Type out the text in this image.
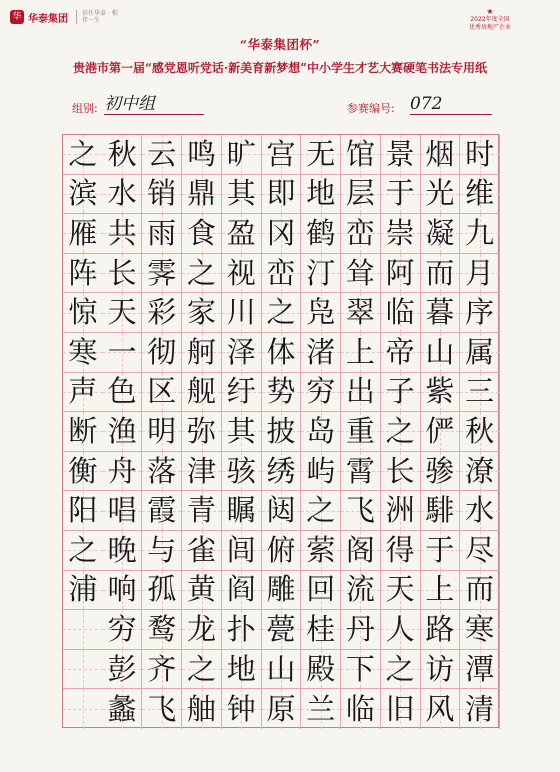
华 华泰集团	信任华泰 · 相伴一生
★
2022年度全国
优秀房地产企业
“华泰集团杯”
贵港市第一届“感党恩听党话·新美育新梦想”中小学生才艺大赛硬笔书法专用纸
组别: 初中组	参赛编号: 072
时
维
九
月
序
属
三
秋
潦
水
尽
而
寒
潭
清
烟
光
凝
而
暮
山
紫
俨
骖
騑
于
上
路
访
风
景
于
崇
阿
临
帝
子
之
长
洲
得
天
人
之
旧
馆
层
峦
耸
翠
上
出
重
霄
飞
阁
流
丹
下
临
无
地
鹤
汀
凫
渚
穷
岛
屿
之
萦
回
桂
殿
兰
宫
即
冈
峦
之
体
势
披
绣
闼
俯
雕
甍
山
原
旷
其
盈
视
川
泽
纡
其
骇
瞩
闾
阎
扑
地
钟
鸣
鼎
食
之
家
舸
舰
弥
津
青
雀
黄
龙
之
舳
云
销
雨
霁
彩
彻
区
明
落
霞
与
孤
鹜
齐
飞
秋
水
共
长
天
一
色
渔
舟
唱
晚
响
穷
彭
蠡
之
滨
雁
阵
惊
寒
声
断
衡
阳
之
浦
